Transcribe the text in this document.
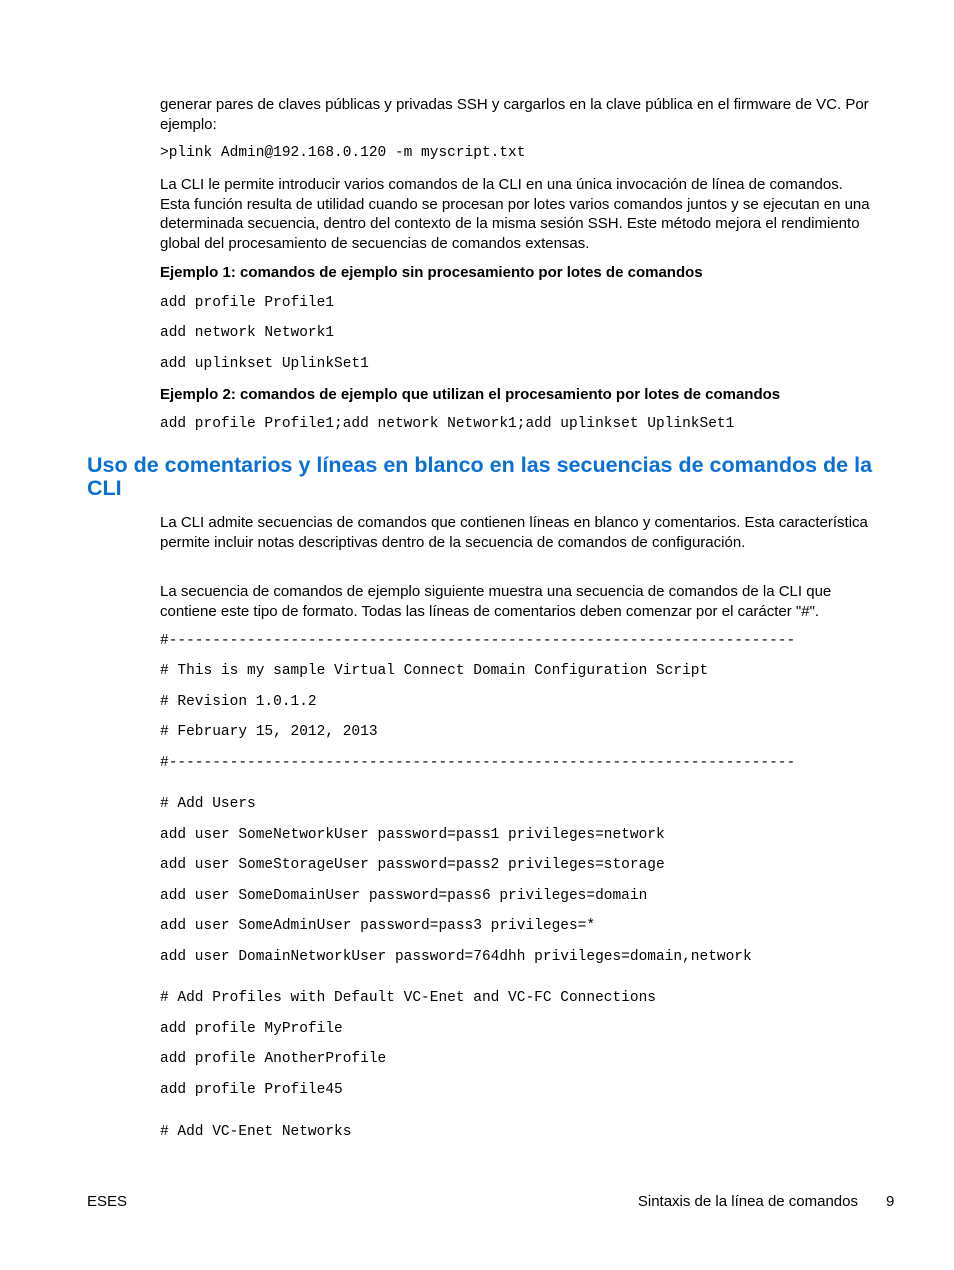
generar pares de claves públicas y privadas SSH y cargarlos en la clave pública en el firmware de VC. Por ejemplo:

>plink Admin@192.168.0.120 -m myscript.txt

La CLI le permite introducir varios comandos de la CLI en una única invocación de línea de comandos. Esta función resulta de utilidad cuando se procesan por lotes varios comandos juntos y se ejecutan en una determinada secuencia, dentro del contexto de la misma sesión SSH. Este método mejora el rendimiento global del procesamiento de secuencias de comandos extensas.

Ejemplo 1: comandos de ejemplo sin procesamiento por lotes de comandos

add profile Profile1
add network Network1
add uplinkset UplinkSet1

Ejemplo 2: comandos de ejemplo que utilizan el procesamiento por lotes de comandos

add profile Profile1;add network Network1;add uplinkset UplinkSet1
Uso de comentarios y líneas en blanco en las secuencias de comandos de la CLI

La CLI admite secuencias de comandos que contienen líneas en blanco y comentarios. Esta característica permite incluir notas descriptivas dentro de la secuencia de comandos de configuración.

La secuencia de comandos de ejemplo siguiente muestra una secuencia de comandos de la CLI que contiene este tipo de formato. Todas las líneas de comentarios deben comenzar por el carácter "#".

#------------------------------------------------------------------------
# This is my sample Virtual Connect Domain Configuration Script
# Revision 1.0.1.2
# February 15, 2012, 2013
#------------------------------------------------------------------------
# Add Users
add user SomeNetworkUser password=pass1 privileges=network
add user SomeStorageUser password=pass2 privileges=storage
add user SomeDomainUser password=pass6 privileges=domain
add user SomeAdminUser password=pass3 privileges=*
add user DomainNetworkUser password=764dhh privileges=domain,network
# Add Profiles with Default VC-Enet and VC-FC Connections
add profile MyProfile
add profile AnotherProfile
add profile Profile45
# Add VC-Enet Networks
ESES	Sintaxis de la línea de comandos 9
